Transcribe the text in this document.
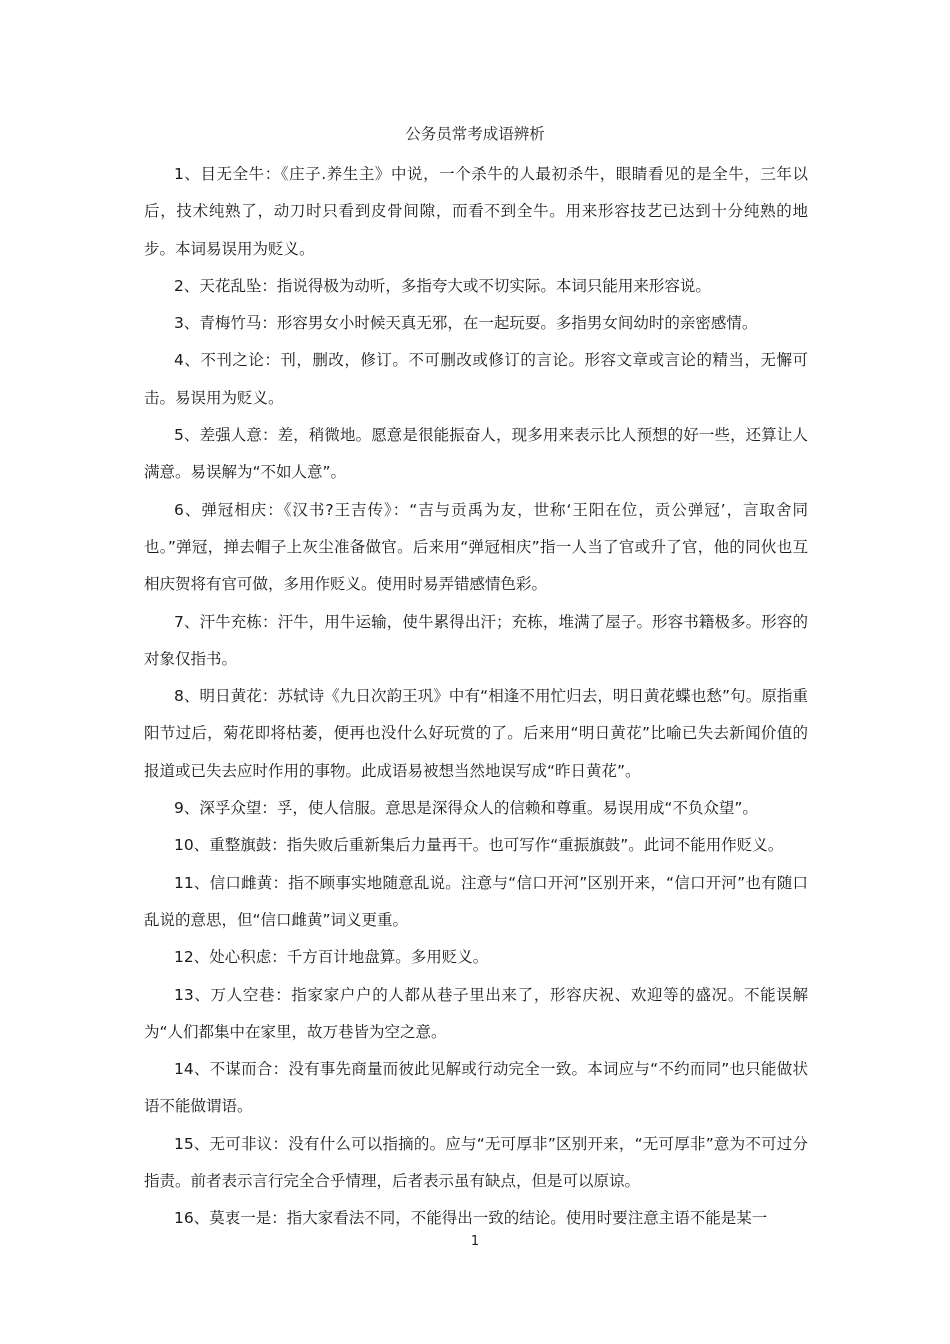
公务员常考成语辨析

1、目无全牛：《庄子.养生主》中说，一个杀牛的人最初杀牛，眼睛看见的是全牛，三年以后，技术纯熟了，动刀时只看到皮骨间隙，而看不到全牛。用来形容技艺已达到十分纯熟的地步。本词易误用为贬义。

2、天花乱坠：指说得极为动听，多指夸大或不切实际。本词只能用来形容说。

3、青梅竹马：形容男女小时候天真无邪，在一起玩耍。多指男女间幼时的亲密感情。

4、不刊之论：刊，删改，修订。不可删改或修订的言论。形容文章或言论的精当，无懈可击。易误用为贬义。

5、差强人意：差，稍微地。愿意是很能振奋人，现多用来表示比人预想的好一些，还算让人满意。易误解为“不如人意”。

6、弹冠相庆：《汉书?王吉传》：“吉与贡禹为友，世称‘王阳在位，贡公弹冠’，言取舍同也。”弹冠，掸去帽子上灰尘准备做官。后来用“弹冠相庆”指一人当了官或升了官，他的同伙也互相庆贺将有官可做，多用作贬义。使用时易弄错感情色彩。

7、汗牛充栋：汗牛，用牛运输，使牛累得出汗；充栋，堆满了屋子。形容书籍极多。形容的对象仅指书。

8、明日黄花：苏轼诗《九日次韵王巩》中有“相逢不用忙归去，明日黄花蝶也愁”句。原指重阳节过后，菊花即将枯萎，便再也没什么好玩赏的了。后来用“明日黄花”比喻已失去新闻价值的报道或已失去应时作用的事物。此成语易被想当然地误写成“昨日黄花”。

9、深孚众望：孚，使人信服。意思是深得众人的信赖和尊重。易误用成“不负众望”。

10、重整旗鼓：指失败后重新集后力量再干。也可写作“重振旗鼓”。此词不能用作贬义。

11、信口雌黄：指不顾事实地随意乱说。注意与“信口开河”区别开来，“信口开河”也有随口乱说的意思，但“信口雌黄”词义更重。

12、处心积虑：千方百计地盘算。多用贬义。

13、万人空巷：指家家户户的人都从巷子里出来了，形容庆祝、欢迎等的盛况。不能误解为“人们都集中在家里，故万巷皆为空之意。

14、不谋而合：没有事先商量而彼此见解或行动完全一致。本词应与“不约而同”也只能做状语不能做谓语。

15、无可非议：没有什么可以指摘的。应与“无可厚非”区别开来，“无可厚非”意为不可过分指责。前者表示言行完全合乎情理，后者表示虽有缺点，但是可以原谅。

16、莫衷一是：指大家看法不同，不能得出一致的结论。使用时要注意主语不能是某一

1
